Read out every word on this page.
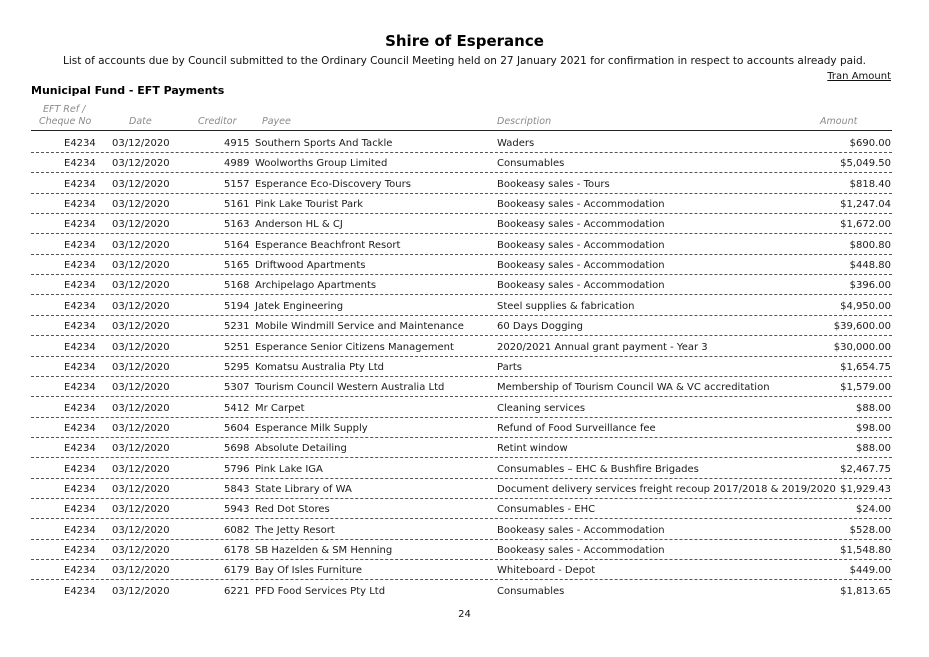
Shire of Esperance
List of accounts due by Council submitted to the Ordinary Council Meeting held on 27 January 2021 for confirmation in respect to accounts already paid.
Tran Amount
Municipal Fund - EFT Payments
EFT Ref /
Cheque No	Date	Creditor	Payee	Description	Amount
E4234 03/12/2020	4915 Southern Sports And Tackle	Waders	$690.00
E4234 03/12/2020	4989 Woolworths Group Limited	Consumables	$5,049.50
E4234 03/12/2020	5157 Esperance Eco-Discovery Tours	Bookeasy sales - Tours	$818.40
E4234 03/12/2020	5161 Pink Lake Tourist Park	Bookeasy sales - Accommodation	$1,247.04
E4234 03/12/2020	5163 Anderson HL & CJ	Bookeasy sales - Accommodation	$1,672.00
E4234 03/12/2020	5164 Esperance Beachfront Resort	Bookeasy sales - Accommodation	$800.80
E4234 03/12/2020	5165 Driftwood Apartments	Bookeasy sales - Accommodation	$448.80
E4234 03/12/2020	5168 Archipelago Apartments	Bookeasy sales - Accommodation	$396.00
E4234 03/12/2020	5194 Jatek Engineering	Steel supplies & fabrication	$4,950.00
E4234 03/12/2020	5231 Mobile Windmill Service and Maintenance	60 Days Dogging	$39,600.00
E4234 03/12/2020	5251 Esperance Senior Citizens Management	2020/2021 Annual grant payment - Year 3	$30,000.00
E4234 03/12/2020	5295 Komatsu Australia Pty Ltd	Parts	$1,654.75
E4234 03/12/2020	5307 Tourism Council Western Australia Ltd	Membership of Tourism Council WA & VC accreditation	$1,579.00
E4234 03/12/2020	5412 Mr Carpet	Cleaning services	$88.00
E4234 03/12/2020	5604 Esperance Milk Supply	Refund of Food Surveillance fee	$98.00
E4234 03/12/2020	5698 Absolute Detailing	Retint window	$88.00
E4234 03/12/2020	5796 Pink Lake IGA	Consumables – EHC & Bushfire Brigades	$2,467.75
E4234 03/12/2020	5843 State Library of WA	Document delivery services freight recoup 2017/2018 & 2019/2020 $1,929.43
E4234 03/12/2020	5943 Red Dot Stores	Consumables - EHC	$24.00
E4234 03/12/2020	6082 The Jetty Resort	Bookeasy sales - Accommodation	$528.00
E4234 03/12/2020	6178 SB Hazelden & SM Henning	Bookeasy sales - Accommodation	$1,548.80
E4234 03/12/2020	6179 Bay Of Isles Furniture	Whiteboard - Depot	$449.00
E4234 03/12/2020	6221 PFD Food Services Pty Ltd	Consumables	$1,813.65
24
